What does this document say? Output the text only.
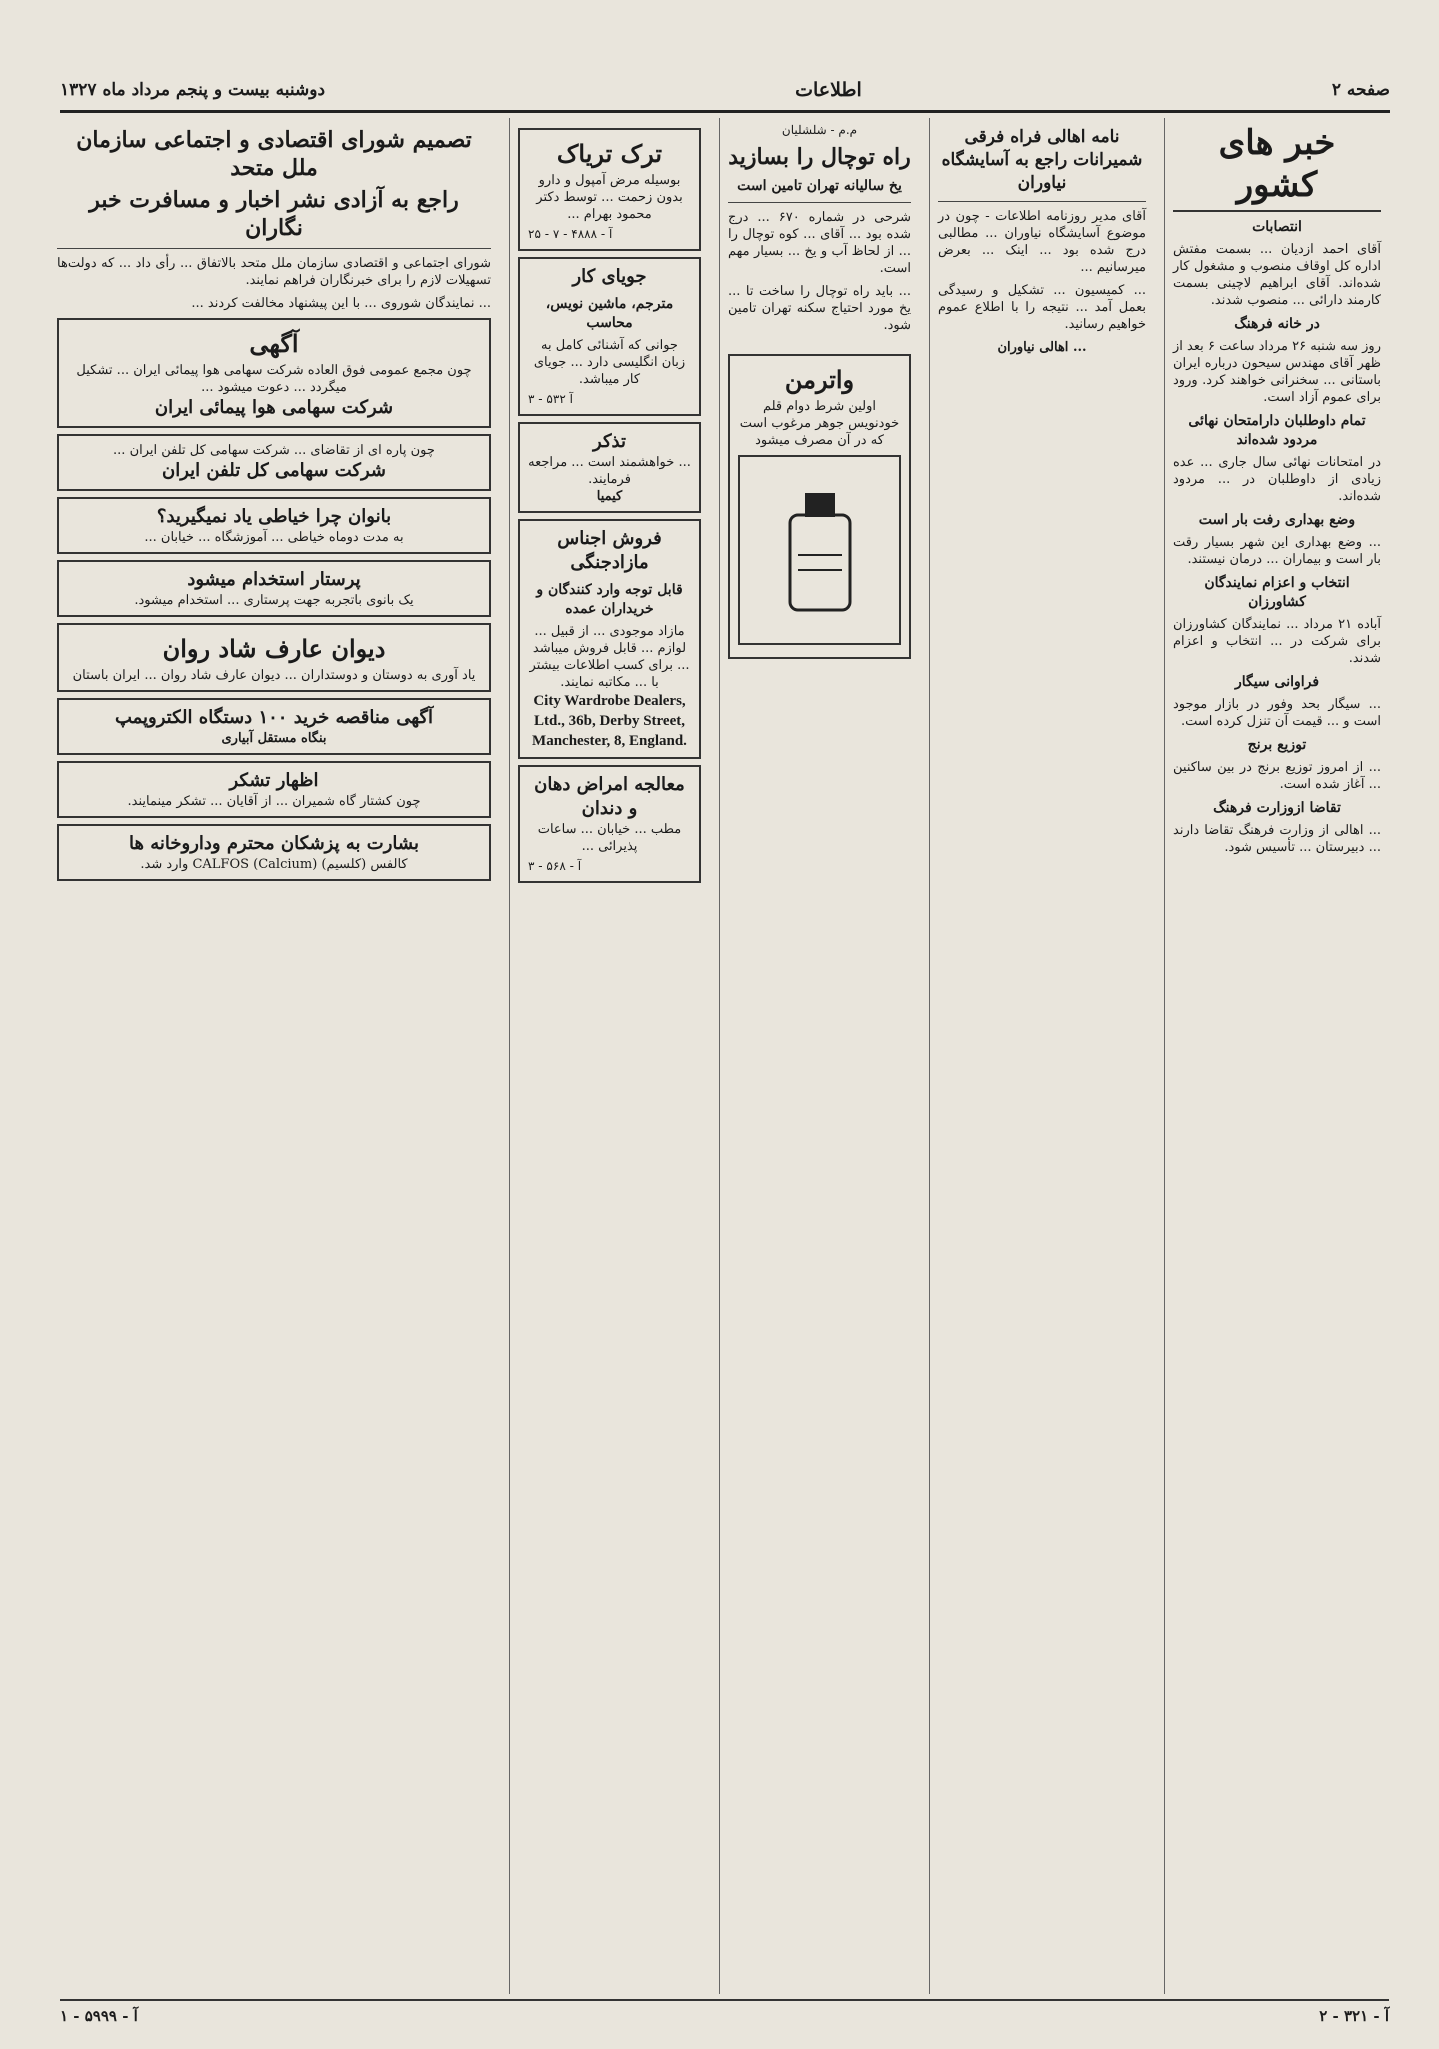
صفحه ۲
اطلاعات
دوشنبه بیست و پنجم مرداد ماه ۱۳۲۷
خبر های کشور
انتصابات

آقای احمد ازدیان ... بسمت مفتش اداره کل اوقاف منصوب و مشغول کار شده‌اند. آقای ابراهیم لاچینی بسمت کارمند دارائی ... منصوب شدند.

در خانه فرهنگ

روز سه شنبه ۲۶ مرداد ساعت ۶ بعد از ظهر آقای مهندس سیحون درباره ایران باستانی ... سخنرانی خواهند کرد. ورود برای عموم آزاد است.

تمام داوطلبان دارامتحان نهائی مردود شده‌اند

در امتحانات نهائی سال جاری ... عده زیادی از داوطلبان در ... مردود شده‌اند.

وضع بهداری رفت بار است

... وضع بهداری این شهر بسیار رقت بار است و بیماران ... درمان نیستند.

انتخاب و اعزام نمایندگان کشاورزان

آباده ۲۱ مرداد ... نمایندگان کشاورزان برای شرکت در ... انتخاب و اعزام شدند.

فراوانی سیگار

... سیگار بحد وفور در بازار موجود است و ... قیمت آن تنزل کرده است.

توزیع برنج

... از امروز توزیع برنج در بین ساکنین ... آغاز شده است.

تقاضا ازوزارت فرهنگ

... اهالی از وزارت فرهنگ تقاضا دارند ... دبیرستان ... تأسیس شود.

نامه اهالی فراه فرقی شمیرانات راجع به آسایشگاه نیاوران

آقای مدیر روزنامه اطلاعات - چون در موضوع آسایشگاه نیاوران ... مطالبی درج شده بود ... اینک ... بعرض میرسانیم ...

... کمیسیون ... تشکیل و رسیدگی بعمل آمد ... نتیجه را با اطلاع عموم خواهیم رسانید.

... اهالی نیاوران

م.م - شلشلیان
راه توچال را بسازید
یخ ساليانه تهران تامين است

شرحی در شماره ۶۷۰ ... درج شده بود ... آقای ... کوه توچال را ... از لحاظ آب و یخ ... بسیار مهم است.

... باید راه توچال را ساخت تا ... یخ مورد احتیاج سکنه تهران تامین شود.

واترمن
اولین شرط دوام قلم خودنویس جوهر مرغوب است که در آن مصرف میشود
ترک تریاک
بوسیله مرض آمپول و دارو بدون زحمت ... توسط دکتر محمود بهرام ...
آ - ۴۸۸۸ - ۷ - ۲۵
جویای کار
مترجم، ماشین نویس، محاسب
جوانی که آشنائی کامل به زبان انگلیسی دارد ... جویای کار میباشد.
آ ۵۳۲ - ۳
تذکر
... خواهشمند است ... مراجعه فرمایند.
کیمیا
فروش اجناس مازادجنگی
قابل توجه وارد کنندگان و خریداران عمده
مازاد موجودی ... از قبیل ... لوازم ... قابل فروش میباشد ... برای کسب اطلاعات بیشتر با ... مکاتبه نمایند.
City Wardrobe Dealers, Ltd., 36b, Derby Street, Manchester, 8, England.
معالجه امراض دهان و دندان
مطب ... خیابان ... ساعات پذیرائی ...
آ - ۵۶۸ - ۳
تصمیم شورای اقتصادی و اجتماعی سازمان ملل متحد
راجع به آزادی نشر اخبار و مسافرت خبر نگاران

شورای اجتماعی و اقتصادی سازمان ملل متحد بالاتفاق ... رأی داد ... که دولت‌ها تسهیلات لازم را برای خبرنگاران فراهم نمایند.

... نمایندگان شوروی ... با این پیشنهاد مخالفت کردند ...

آگهی
چون مجمع عمومی فوق العاده شرکت سهامی هوا پیمائی ایران ... تشکیل میگردد ... دعوت میشود ...
شرکت سهامی هوا پیمائی ایران
چون پاره ای از تقاضای ... شرکت سهامی کل تلفن ایران ...
شرکت سهامی کل تلفن ایران
بانوان چرا خیاطی یاد نمیگیرید؟
به مدت دوماه خیاطی ... آموزشگاه ... خیابان ...
پرستار استخدام میشود
یک بانوی باتجربه جهت پرستاری ... استخدام میشود.
دیوان عارف شاد روان
یاد آوری به دوستان و دوستداران ... دیوان عارف شاد روان ... ایران باستان
آگهی مناقصه خرید ۱۰۰ دستگاه الکتروپمپ
بنگاه مستقل آبیاری
اظهار تشکر
چون کشتار گاه شمیران ... از آقایان ... تشکر مینمایند.
بشارت به پزشکان محترم وداروخانه ها
کالفس (کلسیم) CALFOS (Calcium) وارد شد.
آ - ۳۲۱ - ۲
آ - ۵۹۹۹ - ۱
